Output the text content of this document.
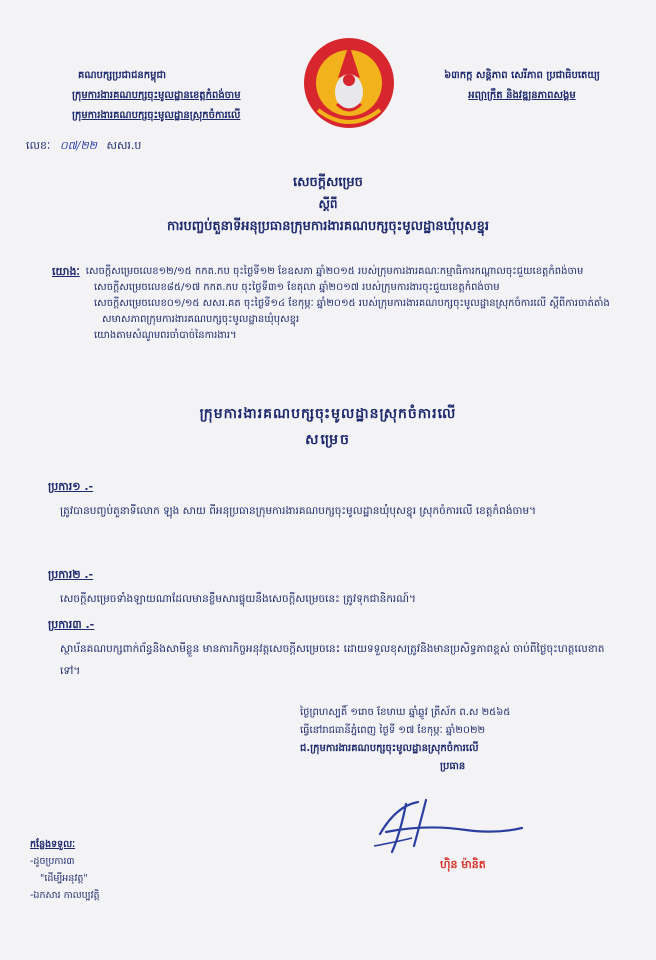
គណបក្សប្រជាជនកម្ពុជា
ក្រុមការងារគណបក្សចុះមូលដ្ឋានខេត្តកំពង់ចាម
ក្រុមការងារគណបក្សចុះមូលដ្ឋានស្រុកចំការលើ
៦៣កក្ក សន្តិភាព សេរីភាព ប្រជាធិបតេយ្យ
អព្យាក្រឹត និងវឌ្ឍនភាពសង្គម
លេខៈ ០៧/២២ សសរ.ប
សេចក្តីសម្រេច
ស្តីពី
ការបញ្ចប់តួនាទីអនុប្រធានក្រុមការងារគណបក្សចុះមូលដ្ឋានឃុំបុសខ្នុរ

យោងៈ សេចក្តីសម្រេចលេខ១២/១៥ កកត.កប ចុះថ្ងៃទី១២ ខែឧសភា ឆ្នាំ២០១៥ របស់ក្រុមការងារគណៈកម្មាធិការកណ្តាលចុះជួយខេត្តកំពង់ចាម

សេចក្តីសម្រេចលេខ៨៥/១៧ កកត.កប ចុះថ្ងៃទី៣១ ខែតុលា ឆ្នាំ២០១៧ របស់ក្រុមការងារចុះជួយខេត្តកំពង់ចាម

សេចក្តីសម្រេចលេខ០១/១៥ សសរ.គត ចុះថ្ងៃទី១៤ ខែកុម្ភៈ ឆ្នាំ២០១៥ របស់ក្រុមការងារគណបក្សចុះមូលដ្ឋានស្រុកចំការលើ ស្តីពីការចាត់តាំងសមាសភាពក្រុមការងារគណបក្សចុះមូលដ្ឋានឃុំបុសខ្នុរ

យោងតាមសំណូមពរចាំបាច់នៃការងារ។

ក្រុមការងារគណបក្សចុះមូលដ្ឋានស្រុកចំការលើ
សម្រេច
ប្រការ១ .-
ត្រូវបានបញ្ចប់តួនាទីលោក ឡុង សាយ ពីអនុប្រធានក្រុមការងារគណបក្សចុះមូលដ្ឋានឃុំបុសខ្នុរ ស្រុកចំការលើ ខេត្តកំពង់ចាម។
ប្រការ២ .-
សេចក្តីសម្រេចទាំងឡាយណាដែលមានខ្លឹមសារផ្ទុយនឹងសេចក្តីសម្រេចនេះ ត្រូវទុកជានិករណ៍។
ប្រការ៣ .-
ស្ថាប័នគណបក្សពាក់ព័ន្ធនិងសាមីខ្លួន មានភារកិច្ចអនុវត្តសេចក្តីសម្រេចនេះ ដោយទទួលខុសត្រូវនិងមានប្រសិទ្ធភាពខ្ពស់ ចាប់ពីថ្ងៃចុះហត្ថលេខាតទៅ។
ថ្ងៃព្រហស្បតិ៍ ១រោច ខែមាឃ ឆ្នាំឆ្លូវ ត្រីស័ក ព.ស ២៥៦៥
ធ្វើនៅរាជធានីភ្នំពេញ ថ្ងៃទី ១៧ ខែកុម្ភៈ ឆ្នាំ២០២២
ជ.ក្រុមការងារគណបក្សចុះមូលដ្ឋានស្រុកចំការលើ
ប្រធាន
ហ៊ិន ម៉ានិត
កន្លែងទទួលៈ
-ដូចប្រការ៣
"ដើម្បីអនុវត្ត"
-ឯកសារ កាលប្បវត្តិ
